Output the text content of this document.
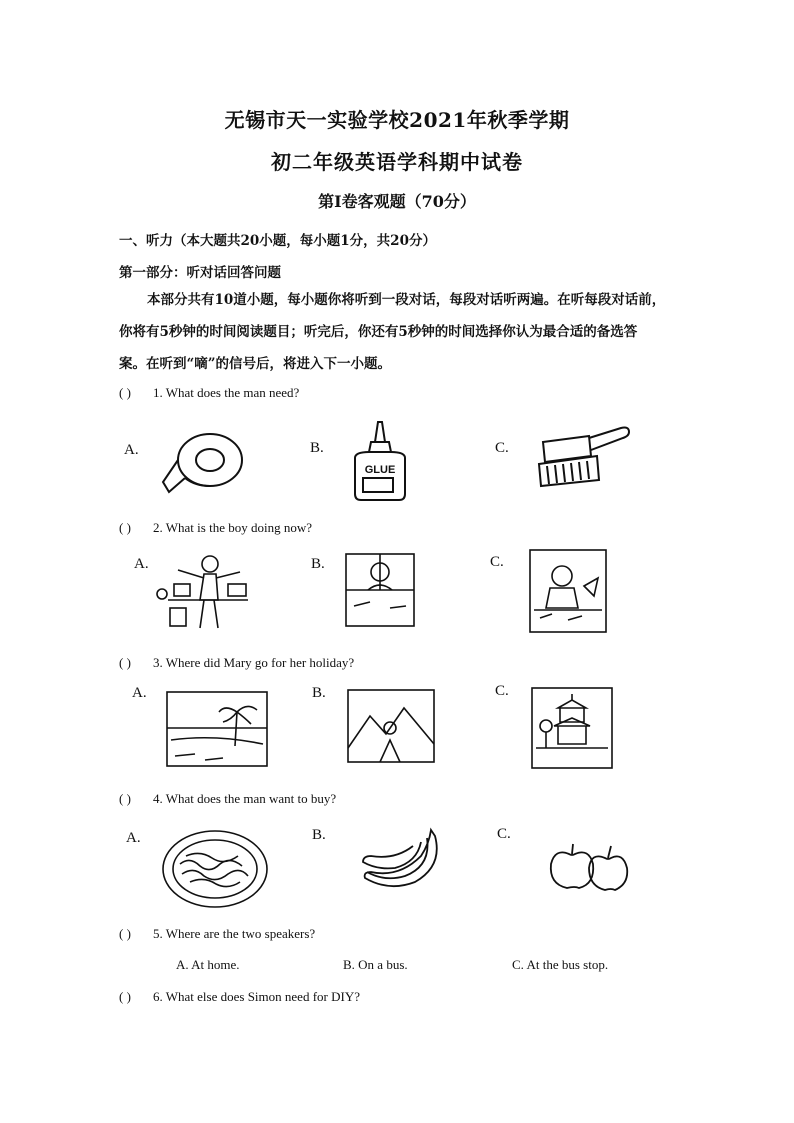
无锡市天一实验学校2021年秋季学期
初二年级英语学科期中试卷
第Ⅰ卷客观题（70分）
一、听力（本大题共20小题，每小题1分，共20分）
第一部分：听对话回答问题
本部分共有10道小题，每小题你将听到一段对话，每段对话听两遍。在听每段对话前，
你将有5秒钟的时间阅读题目；听完后，你还有5秒钟的时间选择你认为最合适的备选答
案。在听到“嘀”的信号后，将进入下一小题。
( ) 1. What does the man need?
A.	B.	C.
GLUE
( ) 2. What is the boy doing now?
A.	B.	C.
( ) 3. Where did Mary go for her holiday?
A.	B.	C.
( ) 4. What does the man want to buy?
A.	B.	C.
( ) 5. Where are the two speakers?
A. At home.	B. On a bus.	C. At the bus stop.
( ) 6. What else does Simon need for DIY?
